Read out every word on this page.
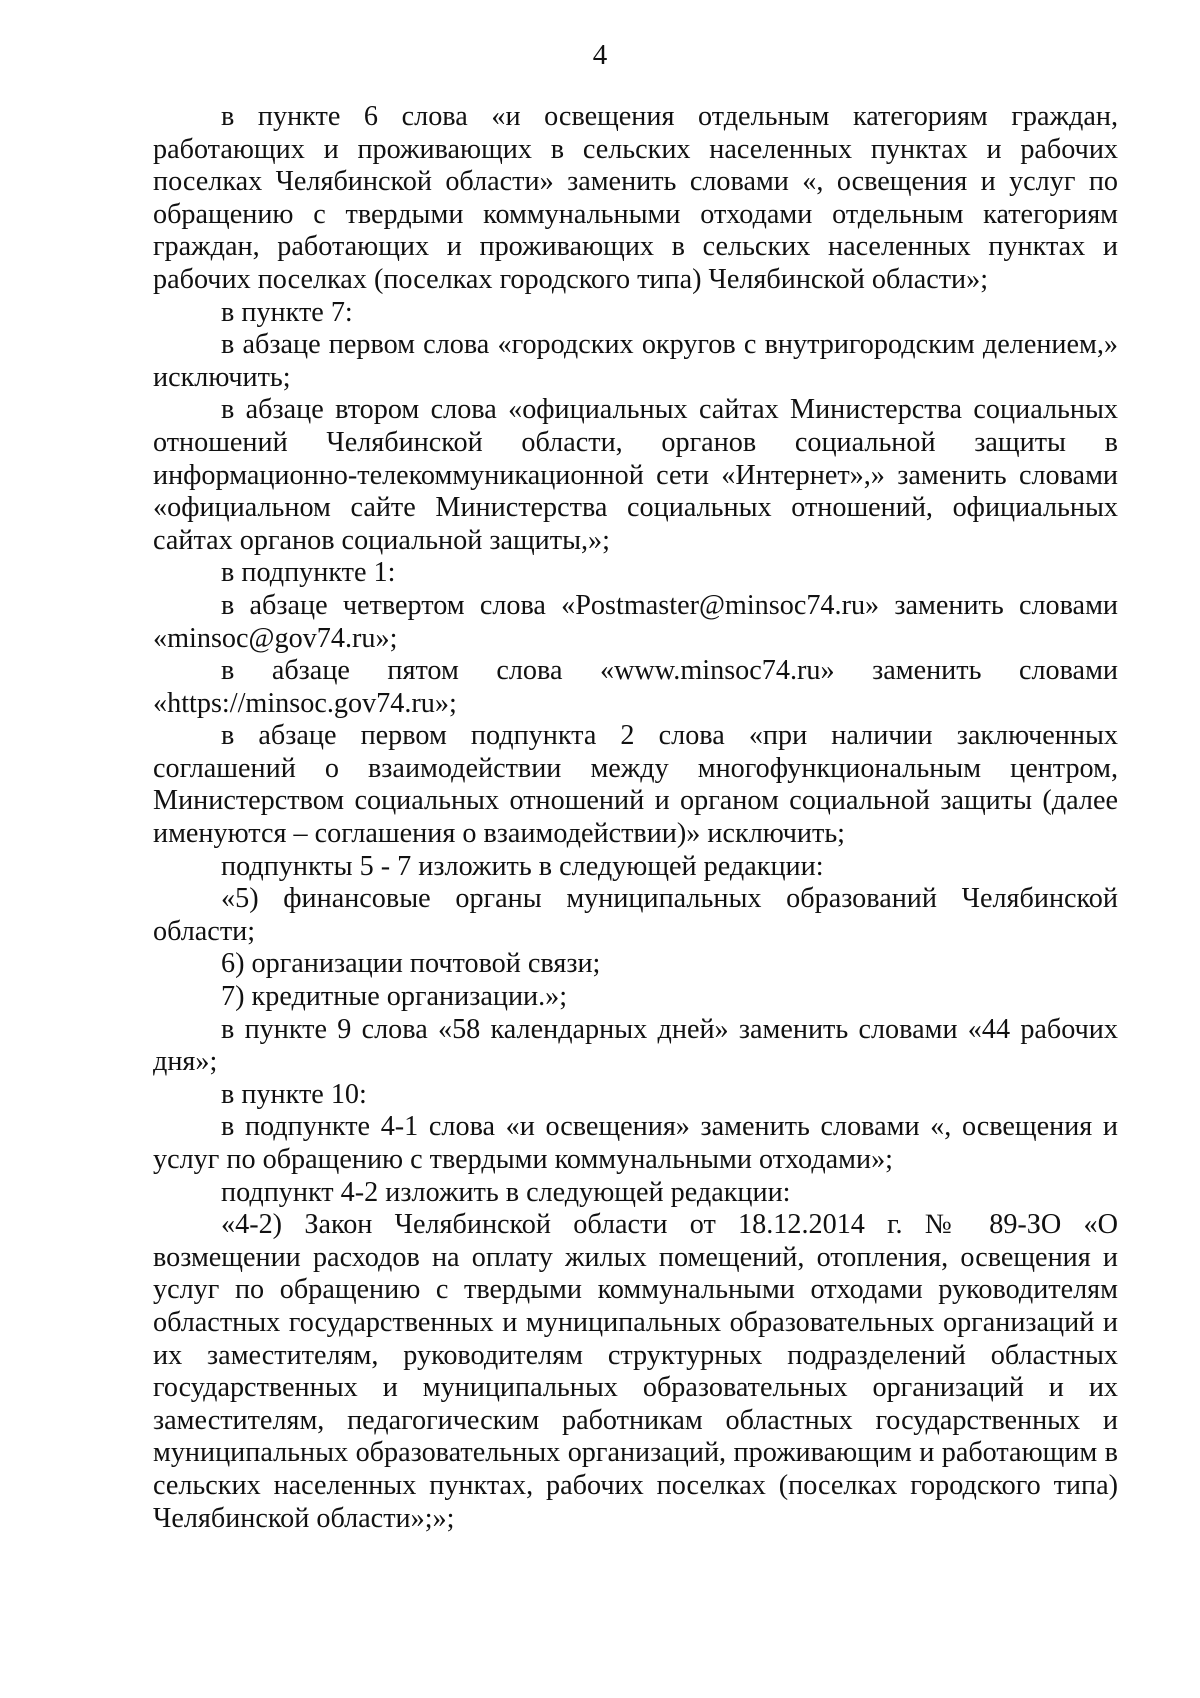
4

в пункте 6 слова «и освещения отдельным категориям граждан, работающих и проживающих в сельских населенных пунктах и рабочих поселках Челябинской области» заменить словами «, освещения и услуг по обращению с твердыми коммунальными отходами отдельным категориям граждан, работающих и проживающих в сельских населенных пунктах и рабочих поселках (поселках городского типа) Челябинской области»;

в пункте 7:

в абзаце первом слова «городских округов с внутригородским делением,» исключить;

в абзаце втором слова «официальных сайтах Министерства социальных отношений Челябинской области, органов социальной защиты в информационно-телекоммуникационной сети «Интернет»,» заменить словами «официальном сайте Министерства социальных отношений, официальных сайтах органов социальной защиты,»;

в подпункте 1:

в абзаце четвертом слова «Postmaster@minsoc74.ru» заменить словами «minsoc@gov74.ru»;

в абзаце пятом слова «www.minsoc74.ru» заменить словами «https://minsoc.gov74.ru»;

в абзаце первом подпункта 2 слова «при наличии заключенных соглашений о взаимодействии между многофункциональным центром, Министерством социальных отношений и органом социальной защиты (далее именуются – соглашения о взаимодействии)» исключить;

подпункты 5 - 7 изложить в следующей редакции:

«5) финансовые органы муниципальных образований Челябинской области;

6) организации почтовой связи;

7) кредитные организации.»;

в пункте 9 слова «58 календарных дней» заменить словами «44 рабочих дня»;

в пункте 10:

в подпункте 4-1 слова «и освещения» заменить словами «, освещения и услуг по обращению с твердыми коммунальными отходами»;

подпункт 4-2 изложить в следующей редакции:

«4-2) Закон Челябинской области от 18.12.2014 г. № 89-ЗО «О возмещении расходов на оплату жилых помещений, отопления, освещения и услуг по обращению с твердыми коммунальными отходами руководителям областных государственных и муниципальных образовательных организаций и их заместителям, руководителям структурных подразделений областных государственных и муниципальных образовательных организаций и их заместителям, педагогическим работникам областных государственных и муниципальных образовательных организаций, проживающим и работающим в сельских населенных пунктах, рабочих поселках (поселках городского типа) Челябинской области»;»;
